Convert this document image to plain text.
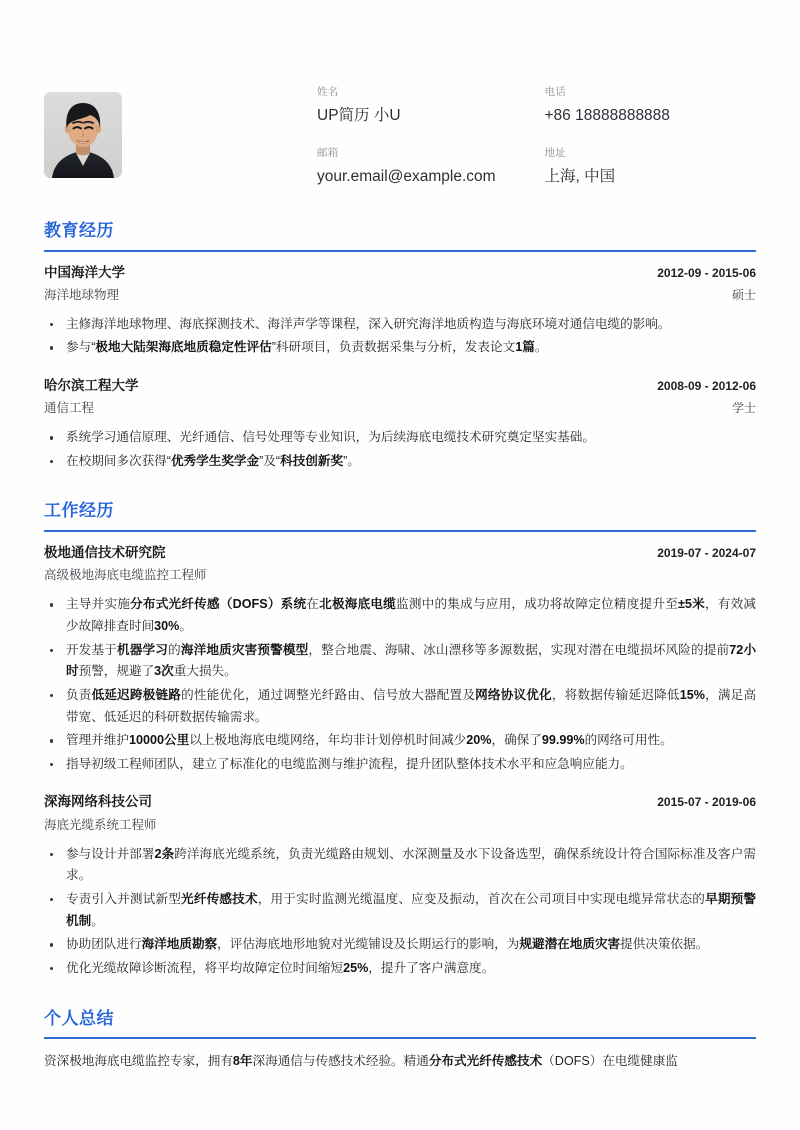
姓名
UP简历 小U
电话
+86 18888888888
邮箱
your.email@example.com
地址
上海, 中国
教育经历
中国海洋大学	2012-09 - 2015-06
海洋地球物理	硕士
主修海洋地球物理、海底探测技术、海洋声学等课程，深入研究海洋地质构造与海底环境对通信电缆的影响。
参与“极地大陆架海底地质稳定性评估”科研项目，负责数据采集与分析，发表论文1篇。
哈尔滨工程大学	2008-09 - 2012-06
通信工程	学士
系统学习通信原理、光纤通信、信号处理等专业知识，为后续海底电缆技术研究奠定坚实基础。
在校期间多次获得“优秀学生奖学金”及“科技创新奖”。
工作经历
极地通信技术研究院	2019-07 - 2024-07
高级极地海底电缆监控工程师
主导并实施分布式光纤传感（DOFS）系统在北极海底电缆监测中的集成与应用，成功将故障定位精度提升至±5米，有效减少故障排查时间30%。
开发基于机器学习的海洋地质灾害预警模型，整合地震、海啸、冰山漂移等多源数据，实现对潜在电缆损坏风险的提前72小时预警，规避了3次重大损失。
负责低延迟跨极链路的性能优化，通过调整光纤路由、信号放大器配置及网络协议优化，将数据传输延迟降低15%，满足高带宽、低延迟的科研数据传输需求。
管理并维护10000公里以上极地海底电缆网络，年均非计划停机时间减少20%，确保了99.99%的网络可用性。
指导初级工程师团队，建立了标准化的电缆监测与维护流程，提升团队整体技术水平和应急响应能力。
深海网络科技公司	2015-07 - 2019-06
海底光缆系统工程师
参与设计并部署2条跨洋海底光缆系统，负责光缆路由规划、水深测量及水下设备选型，确保系统设计符合国际标准及客户需求。
专责引入并测试新型光纤传感技术，用于实时监测光缆温度、应变及振动，首次在公司项目中实现电缆异常状态的早期预警机制。
协助团队进行海洋地质勘察，评估海底地形地貌对光缆铺设及长期运行的影响，为规避潜在地质灾害提供决策依据。
优化光缆故障诊断流程，将平均故障定位时间缩短25%，提升了客户满意度。
个人总结
资深极地海底电缆监控专家，拥有8年深海通信与传感技术经验。精通分布式光纤传感技术（DOFS）在电缆健康监
